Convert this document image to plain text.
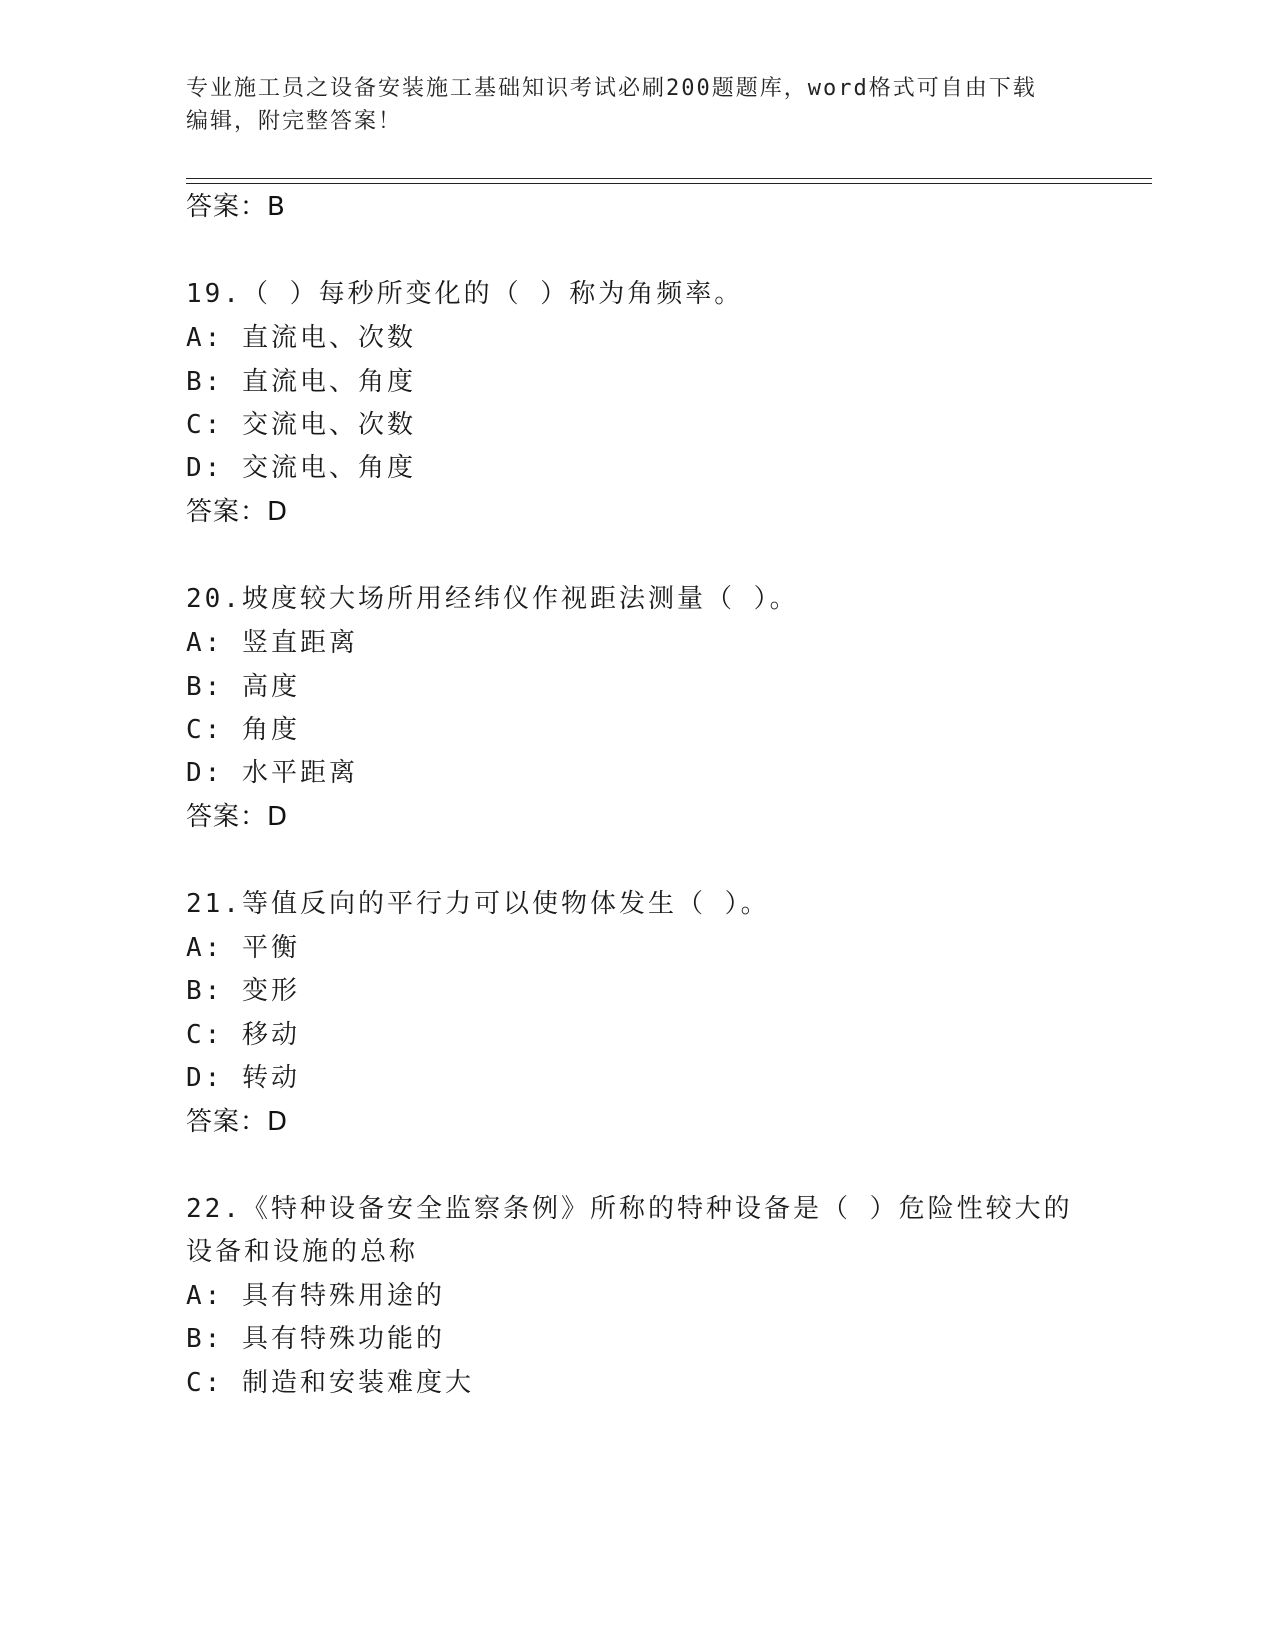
专业施工员之设备安装施工基础知识考试必刷200题题库，word格式可自由下载
编辑，附完整答案！
答案：B
19.（ ）每秒所变化的（ ）称为角频率。
A: 直流电、次数
B: 直流电、角度
C: 交流电、次数
D: 交流电、角度
答案：D
20.坡度较大场所用经纬仪作视距法测量（ ）。
A: 竖直距离
B: 高度
C: 角度
D: 水平距离
答案：D
21.等值反向的平行力可以使物体发生（ ）。
A: 平衡
B: 变形
C: 移动
D: 转动
答案：D
22.《特种设备安全监察条例》所称的特种设备是（ ）危险性较大的
设备和设施的总称
A: 具有特殊用途的
B: 具有特殊功能的
C: 制造和安装难度大
